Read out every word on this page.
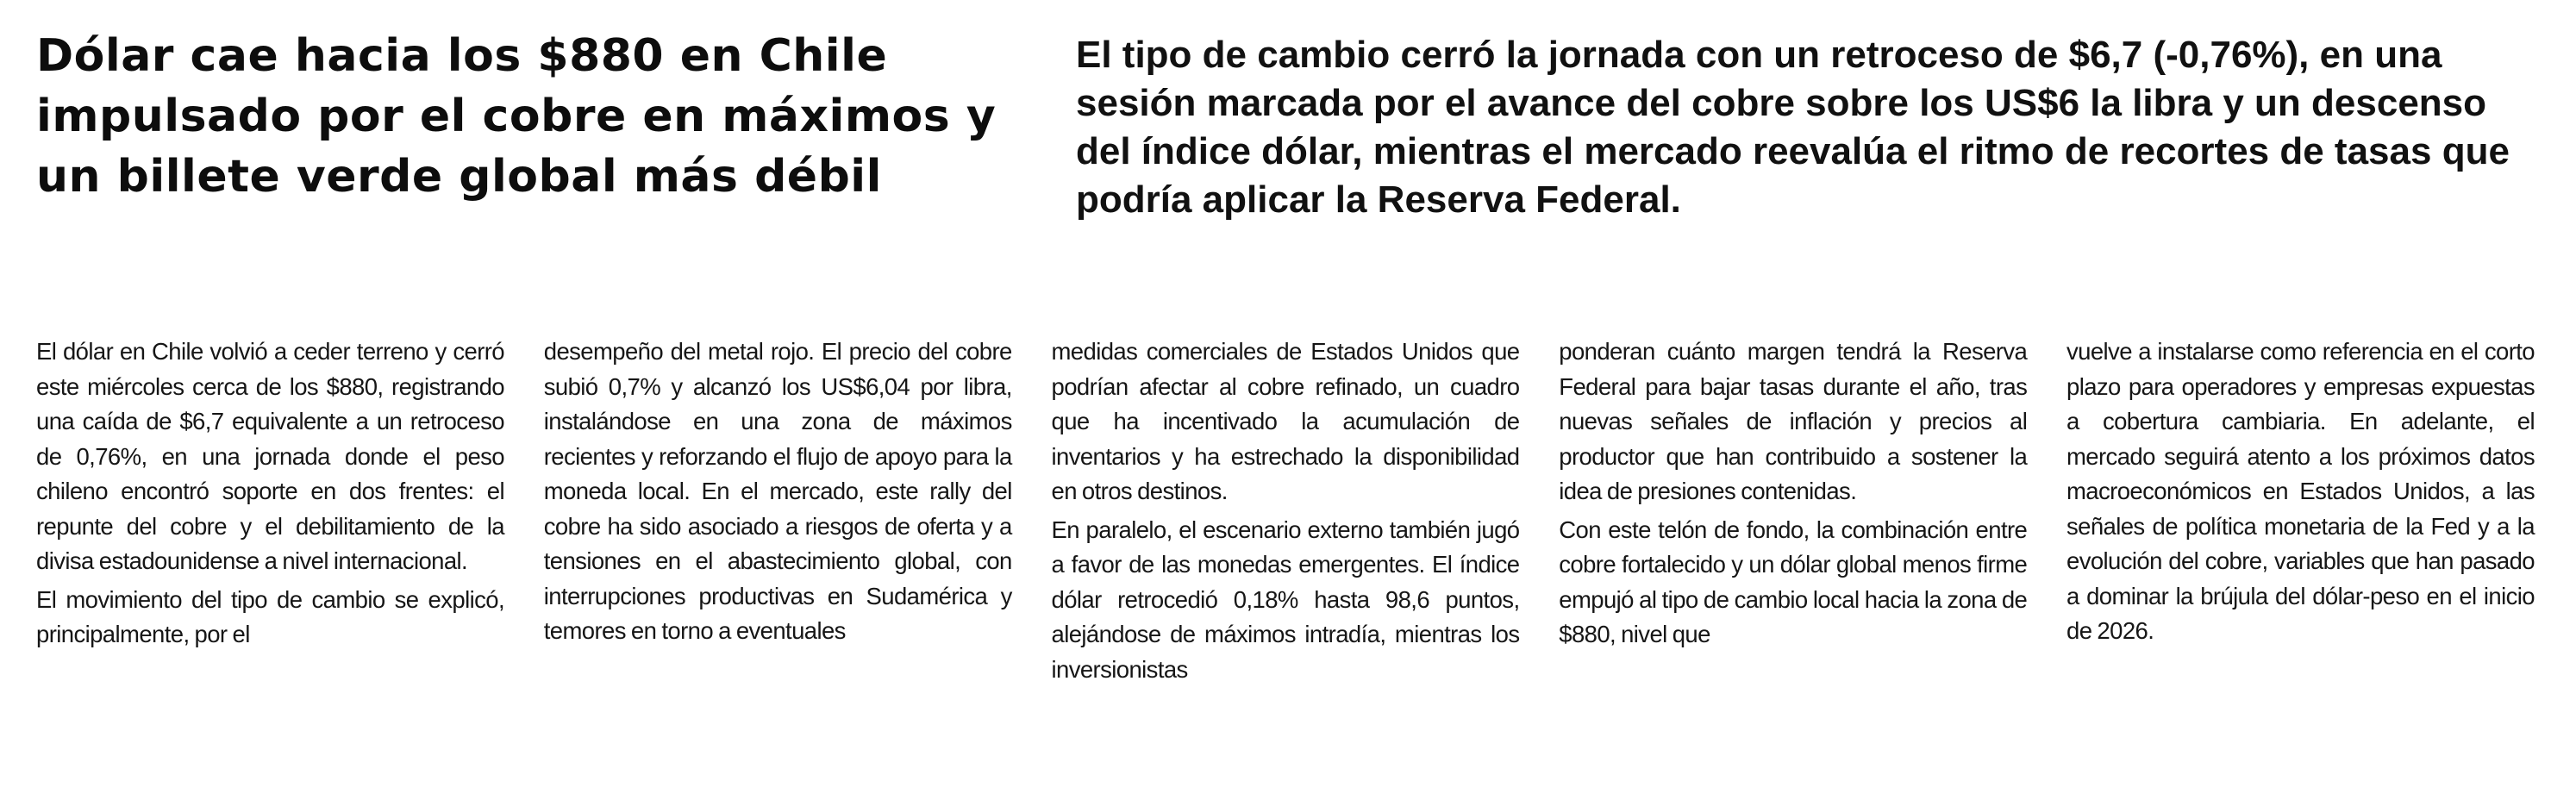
Dólar cae hacia los $880 en Chile impulsado por el cobre en máximos y un billete verde global más débil
El tipo de cambio cerró la jornada con un retroceso de $6,7 (-0,76%), en una sesión marcada por el avance del cobre sobre los US$6 la libra y un descenso del índice dólar, mientras el mercado reevalúa el ritmo de recortes de tasas que podría aplicar la Reserva Federal.

El dólar en Chile volvió a ceder terreno y cerró este miércoles cerca de los $880, registrando una caída de $6,7 equivalente a un retroceso de 0,76%, en una jornada donde el peso chileno encontró soporte en dos frentes: el repunte del cobre y el debilitamiento de la divisa estadounidense a nivel internacional.

El movimiento del tipo de cambio se explicó, principalmente, por el

desempeño del metal rojo. El precio del cobre subió 0,7% y alcanzó los US$6,04 por libra, instalándose en una zona de máximos recientes y reforzando el flujo de apoyo para la moneda local. En el mercado, este rally del cobre ha sido asociado a riesgos de oferta y a tensiones en el abastecimiento global, con interrupciones productivas en Sudamérica y temores en torno a eventuales

medidas comerciales de Estados Unidos que podrían afectar al cobre refinado, un cuadro que ha incentivado la acumulación de inventarios y ha estrechado la disponibilidad en otros destinos.

En paralelo, el escenario externo también jugó a favor de las monedas emergentes. El índice dólar retrocedió 0,18% hasta 98,6 puntos, alejándose de máximos intradía, mientras los inversionistas

ponderan cuánto margen tendrá la Reserva Federal para bajar tasas durante el año, tras nuevas señales de inflación y precios al productor que han contribuido a sostener la idea de presiones contenidas.

Con este telón de fondo, la combinación entre cobre fortalecido y un dólar global menos firme empujó al tipo de cambio local hacia la zona de $880, nivel que

vuelve a instalarse como referencia en el corto plazo para operadores y empresas expuestas a cobertura cambiaria. En adelante, el mercado seguirá atento a los próximos datos macroeconómicos en Estados Unidos, a las señales de política monetaria de la Fed y a la evolución del cobre, variables que han pasado a dominar la brújula del dólar-peso en el inicio de 2026.
